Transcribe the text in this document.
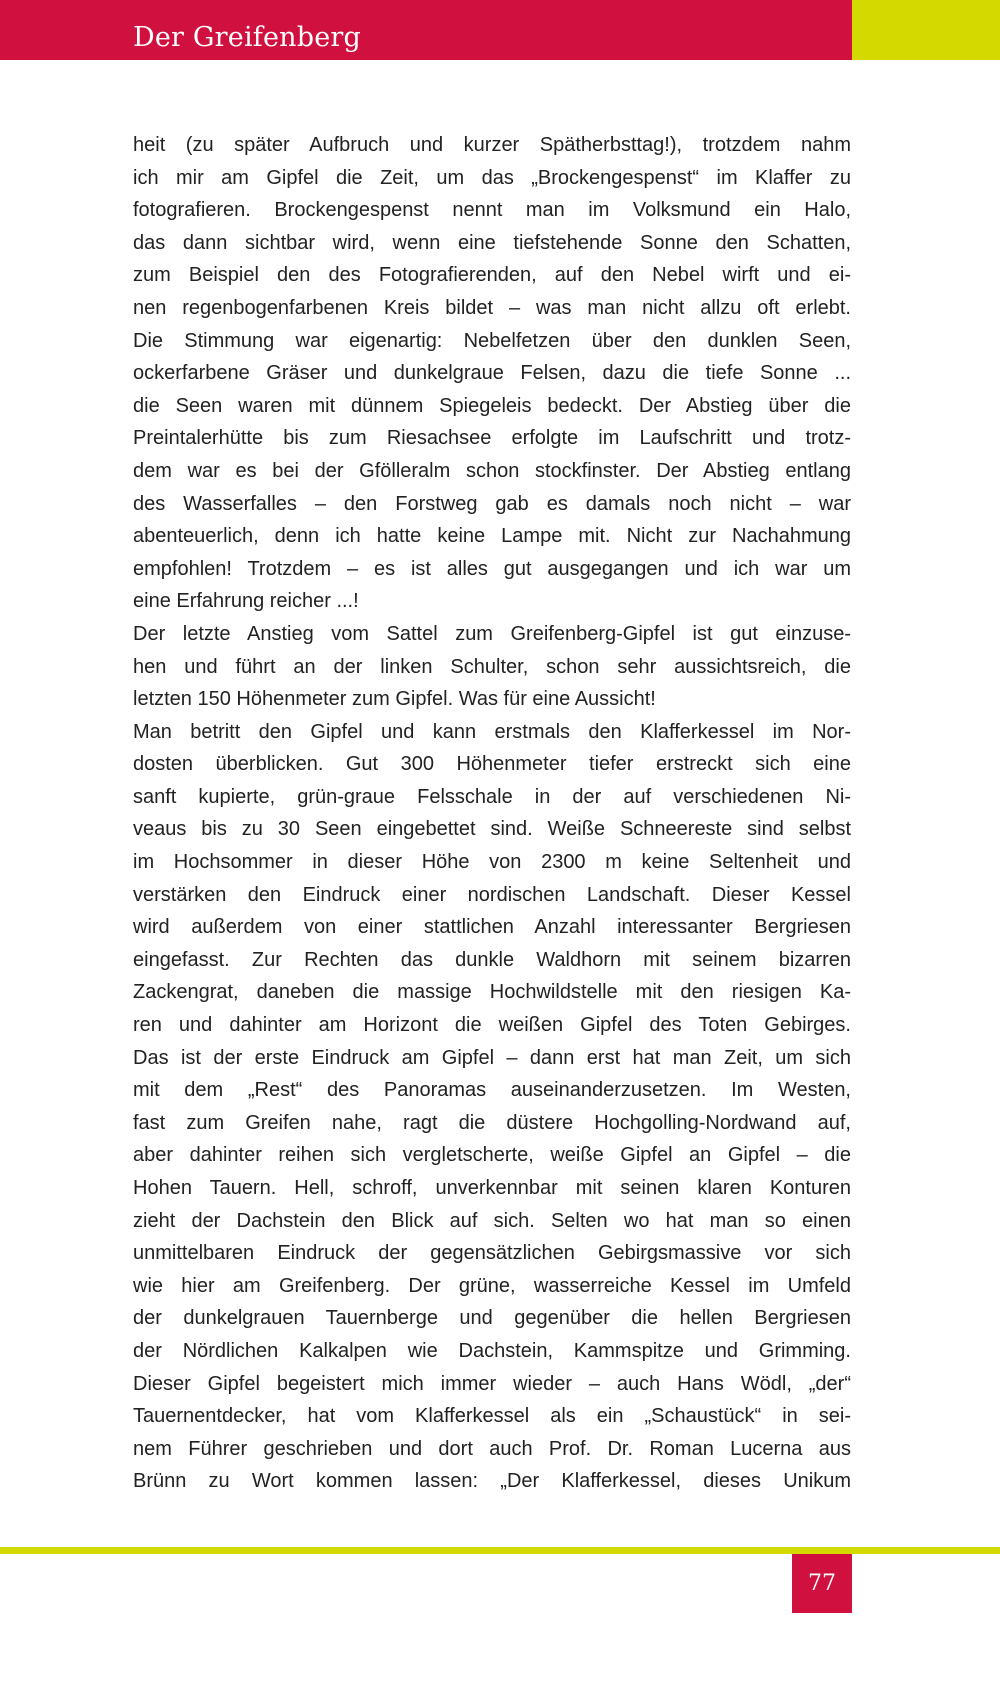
Der Greifenberg

heit (zu später Aufbruch und kurzer Spätherbsttag!), trotzdem nahm
ich mir am Gipfel die Zeit, um das „Brockengespenst“ im Klaffer zu
fotografieren. Brockengespenst nennt man im Volksmund ein Halo,
das dann sichtbar wird, wenn eine tiefstehende Sonne den Schatten,
zum Beispiel den des Fotografierenden, auf den Nebel wirft und ei-
nen regenbogenfarbenen Kreis bildet – was man nicht allzu oft erlebt.
Die Stimmung war eigenartig: Nebelfetzen über den dunklen Seen,
ockerfarbene Gräser und dunkelgraue Felsen, dazu die tiefe Sonne ...
die Seen waren mit dünnem Spiegeleis bedeckt. Der Abstieg über die
Preintalerhütte bis zum Riesachsee erfolgte im Laufschritt und trotz-
dem war es bei der Gfölleralm schon stockfinster. Der Abstieg entlang
des Wasserfalles – den Forstweg gab es damals noch nicht – war
abenteuerlich, denn ich hatte keine Lampe mit. Nicht zur Nachahmung
empfohlen! Trotzdem – es ist alles gut ausgegangen und ich war um
eine Erfahrung reicher ...!

Der letzte Anstieg vom Sattel zum Greifenberg-Gipfel ist gut einzuse-
hen und führt an der linken Schulter, schon sehr aussichtsreich, die
letzten 150 Höhenmeter zum Gipfel. Was für eine Aussicht!

Man betritt den Gipfel und kann erstmals den Klafferkessel im Nor-
dosten überblicken. Gut 300 Höhenmeter tiefer erstreckt sich eine
sanft kupierte, grün-graue Felsschale in der auf verschiedenen Ni-
veaus bis zu 30 Seen eingebettet sind. Weiße Schneereste sind selbst
im Hochsommer in dieser Höhe von 2300 m keine Seltenheit und
verstärken den Eindruck einer nordischen Landschaft. Dieser Kessel
wird außerdem von einer stattlichen Anzahl interessanter Bergriesen
eingefasst. Zur Rechten das dunkle Waldhorn mit seinem bizarren
Zackengrat, daneben die massige Hochwildstelle mit den riesigen Ka-
ren und dahinter am Horizont die weißen Gipfel des Toten Gebirges.
Das ist der erste Eindruck am Gipfel – dann erst hat man Zeit, um sich
mit dem „Rest“ des Panoramas auseinanderzusetzen. Im Westen,
fast zum Greifen nahe, ragt die düstere Hochgolling-Nordwand auf,
aber dahinter reihen sich vergletscherte, weiße Gipfel an Gipfel – die
Hohen Tauern. Hell, schroff, unverkennbar mit seinen klaren Konturen
zieht der Dachstein den Blick auf sich. Selten wo hat man so einen
unmittelbaren Eindruck der gegensätzlichen Gebirgsmassive vor sich
wie hier am Greifenberg. Der grüne, wasserreiche Kessel im Umfeld
der dunkelgrauen Tauernberge und gegenüber die hellen Bergriesen
der Nördlichen Kalkalpen wie Dachstein, Kammspitze und Grimming.
Dieser Gipfel begeistert mich immer wieder – auch Hans Wödl, „der“
Tauernentdecker, hat vom Klafferkessel als ein „Schaustück“ in sei-
nem Führer geschrieben und dort auch Prof. Dr. Roman Lucerna aus
Brünn zu Wort kommen lassen: „Der Klafferkessel, dieses Unikum

77
